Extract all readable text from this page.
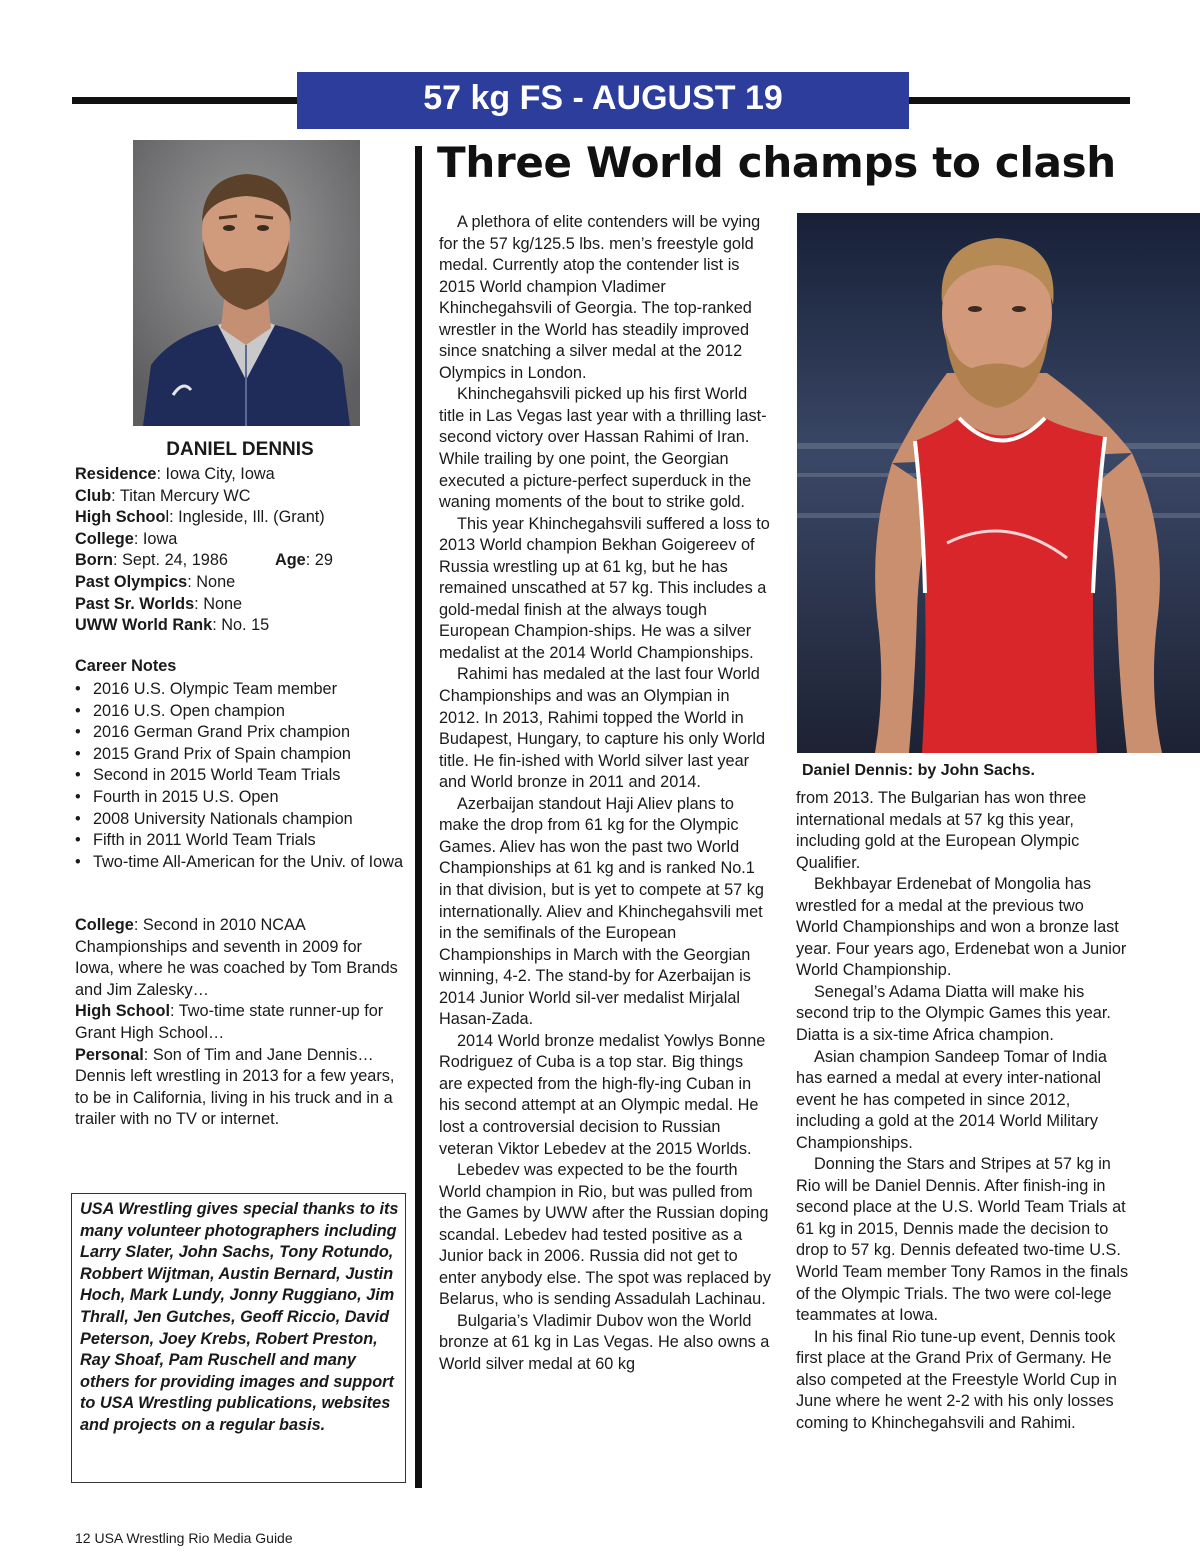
57 kg FS - AUGUST 19
DANIEL DENNIS
Residence: Iowa City, Iowa
Club: Titan Mercury WC
High School: Ingleside, Ill. (Grant)
College: Iowa
Born: Sept. 24, 1986	Age: 29
Past Olympics: None
Past Sr. Worlds: None
UWW World Rank: No. 15
Career Notes
• 2016 U.S. Olympic Team member
• 2016 U.S. Open champion
• 2016 German Grand Prix champion
• 2015 Grand Prix of Spain champion
• Second in 2015 World Team Trials
• Fourth in 2015 U.S. Open
• 2008 University Nationals champion
• Fifth in 2011 World Team Trials
• Two-time All-American for the Univ. of Iowa
College: Second in 2010 NCAA Championships and seventh in 2009 for Iowa, where he was coached by Tom Brands and Jim Zalesky…
High School: Two-time state runner-up for Grant High School…
Personal: Son of Tim and Jane Dennis… Dennis left wrestling in 2013 for a few years, to be in California, living in his truck and in a trailer with no TV or internet.
USA Wrestling gives special thanks to its many volunteer photographers including Larry Slater, John Sachs, Tony Rotundo, Robbert Wijtman, Austin Bernard, Justin Hoch, Mark Lundy, Jonny Ruggiano, Jim Thrall, Jen Gutches, Geoff Riccio, David Peterson, Joey Krebs, Robert Preston, Ray Shoaf, Pam Ruschell and many others for providing images and support to USA Wrestling publications, websites and projects on a regular basis.
12 USA Wrestling Rio Media Guide
Three World champs to clash

A plethora of elite contenders will be vying for the 57 kg/125.5 lbs. men’s freestyle gold medal. Currently atop the contender list is 2015 World champion Vladimer Khinchegahsvili of Georgia. The top-ranked wrestler in the World has steadily improved since snatching a silver medal at the 2012 Olympics in London.

Khinchegahsvili picked up his first World title in Las Vegas last year with a thrilling last-second victory over Hassan Rahimi of Iran. While trailing by one point, the Georgian executed a picture-perfect superduck in the waning moments of the bout to strike gold.

This year Khinchegahsvili suffered a loss to 2013 World champion Bekhan Goigereev of Russia wrestling up at 61 kg, but he has remained unscathed at 57 kg. This includes a gold-medal finish at the always tough European Champion-ships. He was a silver medalist at the 2014 World Championships.

Rahimi has medaled at the last four World Championships and was an Olympian in 2012. In 2013, Rahimi topped the World in Budapest, Hungary, to capture his only World title. He fin-ished with World silver last year and World bronze in 2011 and 2014.

Azerbaijan standout Haji Aliev plans to make the drop from 61 kg for the Olympic Games. Aliev has won the past two World Championships at 61 kg and is ranked No.1 in that division, but is yet to compete at 57 kg internationally. Aliev and Khinchegahsvili met in the semifinals of the European Championships in March with the Georgian winning, 4-2. The stand-by for Azerbaijan is 2014 Junior World sil-ver medalist Mirjalal Hasan-Zada.

2014 World bronze medalist Yowlys Bonne Rodriguez of Cuba is a top star. Big things are expected from the high-fly-ing Cuban in his second attempt at an Olympic medal. He lost a controversial decision to Russian veteran Viktor Lebedev at the 2015 Worlds.

Lebedev was expected to be the fourth World champion in Rio, but was pulled from the Games by UWW after the Russian doping scandal. Lebedev had tested positive as a Junior back in 2006. Russia did not get to enter anybody else. The spot was replaced by Belarus, who is sending Assadulah Lachinau.

Bulgaria’s Vladimir Dubov won the World bronze at 61 kg in Las Vegas. He also owns a World silver medal at 60 kg

Daniel Dennis: by John Sachs.

from 2013. The Bulgarian has won three international medals at 57 kg this year, including gold at the European Olympic Qualifier.

Bekhbayar Erdenebat of Mongolia has wrestled for a medal at the previous two World Championships and won a bronze last year. Four years ago, Erdenebat won a Junior World Championship.

Senegal’s Adama Diatta will make his second trip to the Olympic Games this year. Diatta is a six-time Africa champion.

Asian champion Sandeep Tomar of India has earned a medal at every inter-national event he has competed in since 2012, including a gold at the 2014 World Military Championships.

Donning the Stars and Stripes at 57 kg in Rio will be Daniel Dennis. After finish-ing in second place at the U.S. World Team Trials at 61 kg in 2015, Dennis made the decision to drop to 57 kg. Dennis defeated two-time U.S. World Team member Tony Ramos in the finals of the Olympic Trials. The two were col-lege teammates at Iowa.

In his final Rio tune-up event, Dennis took first place at the Grand Prix of Germany. He also competed at the Freestyle World Cup in June where he went 2-2 with his only losses coming to Khinchegahsvili and Rahimi.
